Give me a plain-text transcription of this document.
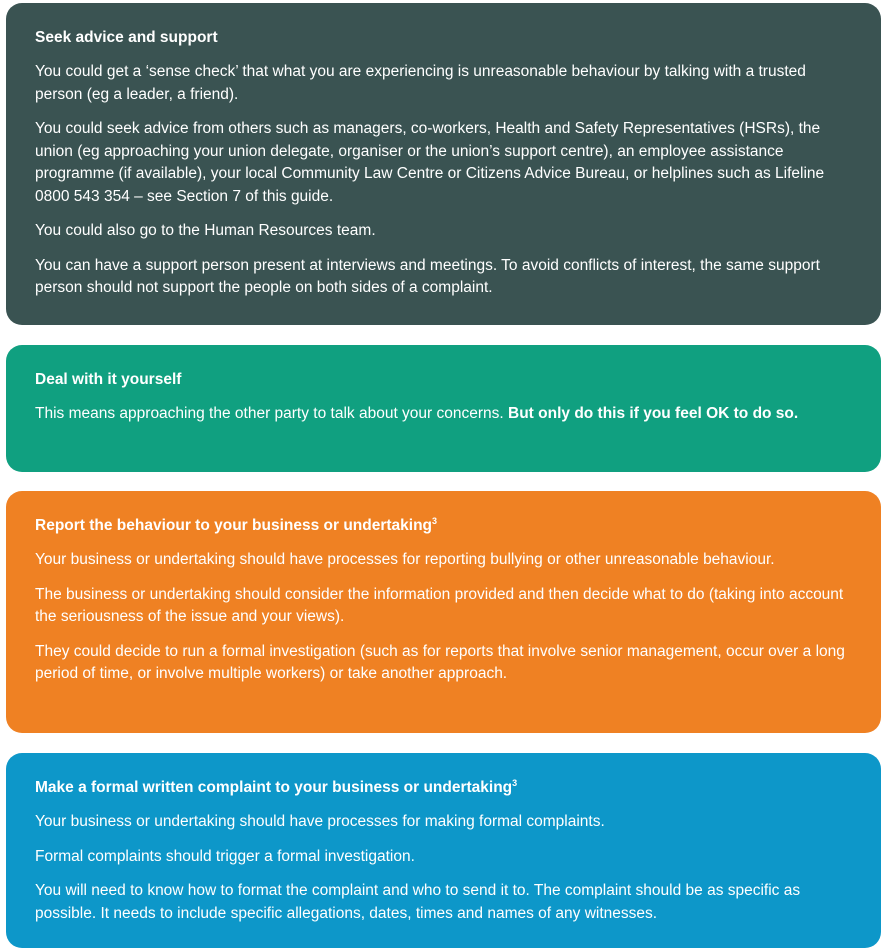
Seek advice and support

You could get a ‘sense check’ that what you are experiencing is unreasonable behaviour by talking with a trusted person (eg a leader, a friend).

You could seek advice from others such as managers, co-workers, Health and Safety Representatives (HSRs), the union (eg approaching your union delegate, organiser or the union’s support centre), an employee assistance programme (if available), your local Community Law Centre or Citizens Advice Bureau, or helplines such as Lifeline 0800 543 354 – see Section 7 of this guide.

You could also go to the Human Resources team.

You can have a support person present at interviews and meetings. To avoid conflicts of interest, the same support person should not support the people on both sides of a complaint.

Deal with it yourself

This means approaching the other party to talk about your concerns. But only do this if you feel OK to do so.

Report the behaviour to your business or undertaking$^3$

Your business or undertaking should have processes for reporting bullying or other unreasonable behaviour.

The business or undertaking should consider the information provided and then decide what to do (taking into account the seriousness of the issue and your views).

They could decide to run a formal investigation (such as for reports that involve senior management, occur over a long period of time, or involve multiple workers) or take another approach.

Make a formal written complaint to your business or undertaking$^3$

Your business or undertaking should have processes for making formal complaints.

Formal complaints should trigger a formal investigation.

You will need to know how to format the complaint and who to send it to. The complaint should be as specific as possible. It needs to include specific allegations, dates, times and names of any witnesses.
